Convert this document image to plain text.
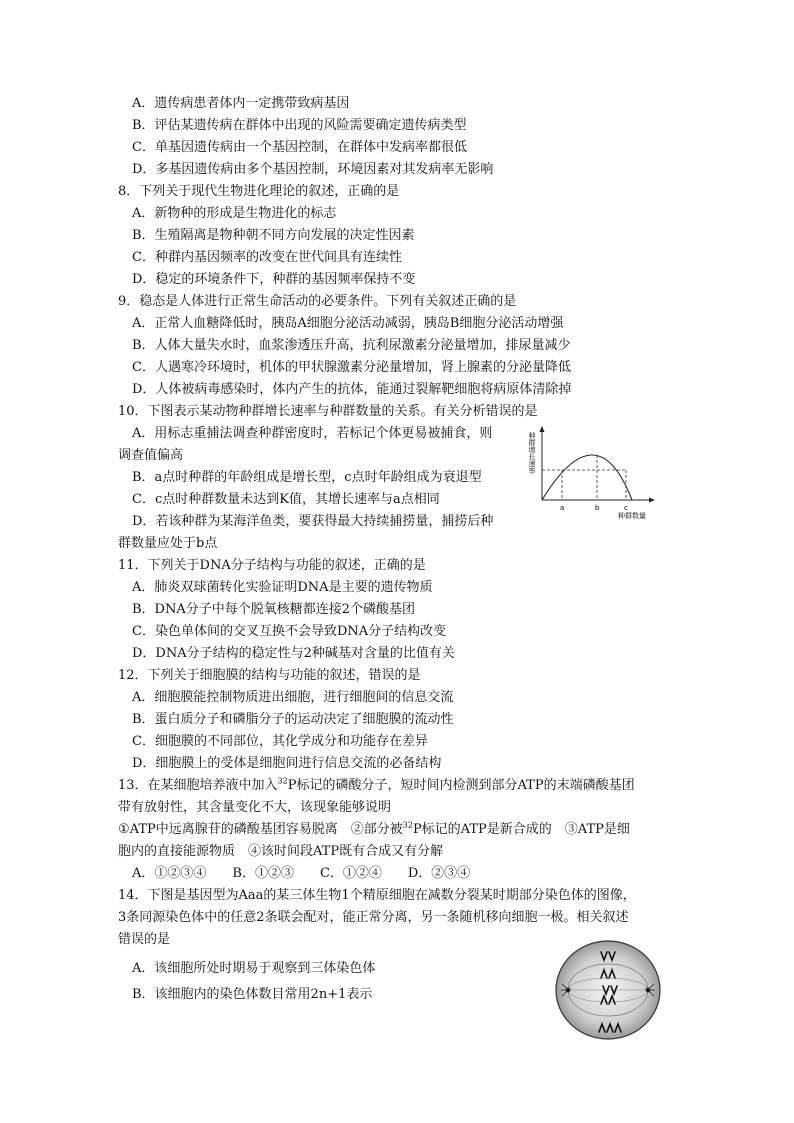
A．遗传病患者体内一定携带致病基因
B．评估某遗传病在群体中出现的风险需要确定遗传病类型
C．单基因遗传病由一个基因控制，在群体中发病率都很低
D．多基因遗传病由多个基因控制，环境因素对其发病率无影响
8．下列关于现代生物进化理论的叙述，正确的是
A．新物种的形成是生物进化的标志
B．生殖隔离是物种朝不同方向发展的决定性因素
C．种群内基因频率的改变在世代间具有连续性
D．稳定的环境条件下，种群的基因频率保持不变
9．稳态是人体进行正常生命活动的必要条件。下列有关叙述正确的是
A．正常人血糖降低时，胰岛A细胞分泌活动减弱，胰岛B细胞分泌活动增强
B．人体大量失水时，血浆渗透压升高，抗利尿激素分泌量增加，排尿量减少
C．人遇寒冷环境时，机体的甲状腺激素分泌量增加，肾上腺素的分泌量降低
D．人体被病毒感染时，体内产生的抗体，能通过裂解靶细胞将病原体清除掉
10．下图表示某动物种群增长速率与种群数量的关系。有关分析错误的是
A．用标志重捕法调查种群密度时，若标记个体更易被捕食，则
调查值偏高
B．a点时种群的年龄组成是增长型，c点时年龄组成为衰退型
C．c点时种群数量未达到K值，其增长速率与a点相同
D．若该种群为某海洋鱼类，要获得最大持续捕捞量，捕捞后种
群数量应处于b点
种群增长速率
a	b	c
种群数量
11．下列关于DNA分子结构与功能的叙述，正确的是
A．肺炎双球菌转化实验证明DNA是主要的遗传物质
B．DNA分子中每个脱氧核糖都连接2个磷酸基团
C．染色单体间的交叉互换不会导致DNA分子结构改变
D．DNA分子结构的稳定性与2种碱基对含量的比值有关
12．下列关于细胞膜的结构与功能的叙述，错误的是
A．细胞膜能控制物质进出细胞，进行细胞间的信息交流
B．蛋白质分子和磷脂分子的运动决定了细胞膜的流动性
C．细胞膜的不同部位，其化学成分和功能存在差异
D．细胞膜上的受体是细胞间进行信息交流的必备结构
13．在某细胞培养液中加入$^{32}$P标记的磷酸分子，短时间内检测到部分ATP的末端磷酸基团
带有放射性，其含量变化不大，该现象能够说明
①ATP中远离腺苷的磷酸基团容易脱离　②部分被$^{32}$P标记的ATP是新合成的　③ATP是细
胞内的直接能源物质　④该时间段ATP既有合成又有分解
A．①②③④　　B．①②③　　C．①②④　　D．②③④
14．下图是基因型为Aaa的某三体生物1个精原细胞在减数分裂某时期部分染色体的图像，
3条同源染色体中的任意2条联会配对，能正常分离，另一条随机移向细胞一极。相关叙述
错误的是
A．该细胞所处时期易于观察到三体染色体
B．该细胞内的染色体数目常用2n+1表示
